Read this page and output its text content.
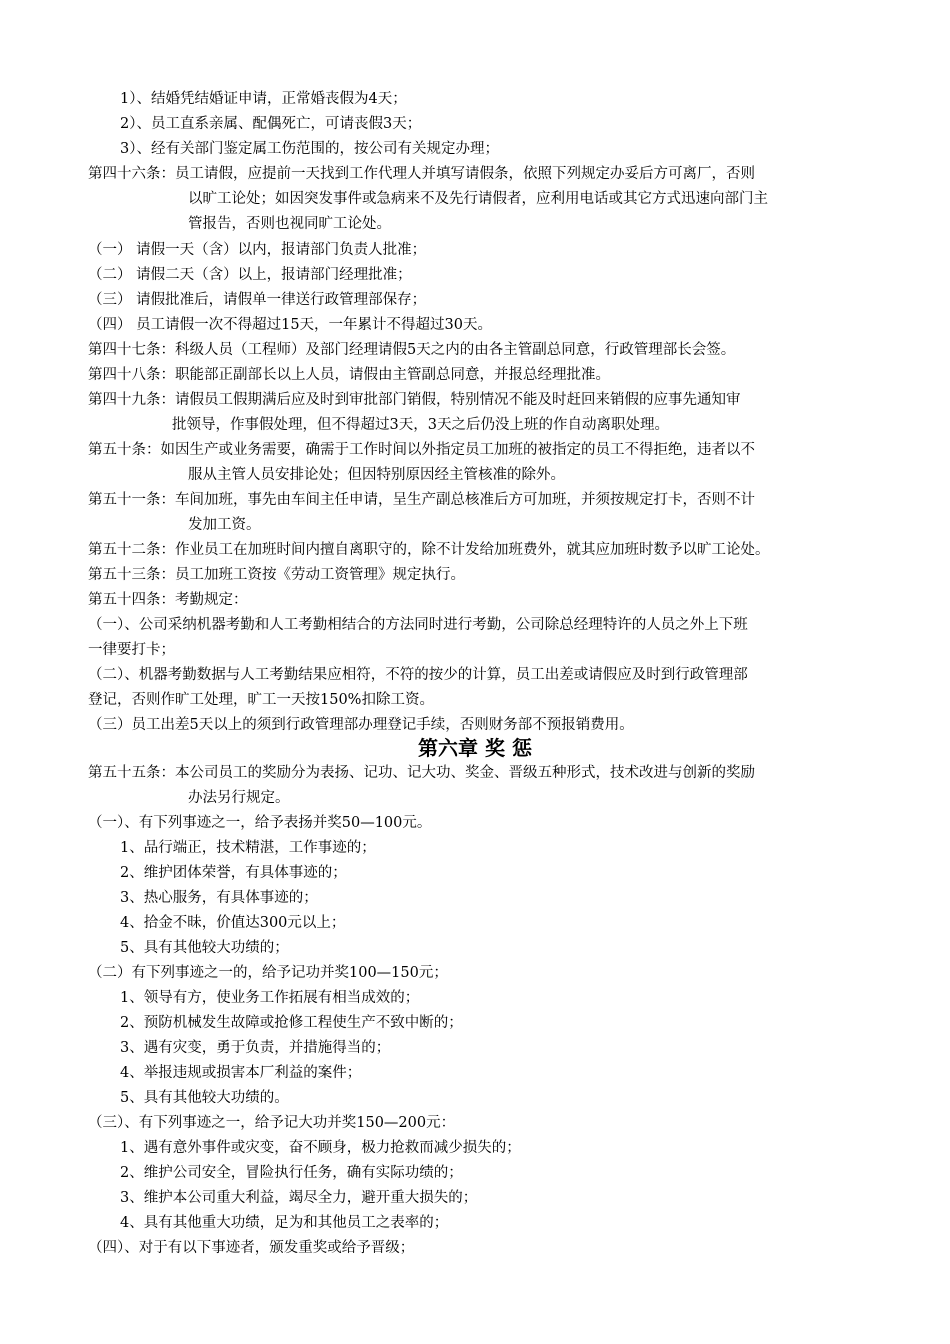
1）、结婚凭结婚证申请，正常婚丧假为4天；
2）、员工直系亲属、配偶死亡，可请丧假3天；
3）、经有关部门鉴定属工伤范围的，按公司有关规定办理；
第四十六条：员工请假，应提前一天找到工作代理人并填写请假条，依照下列规定办妥后方可离厂，否则
以旷工论处；如因突发事件或急病来不及先行请假者，应利用电话或其它方式迅速向部门主
管报告，否则也视同旷工论处。
（一） 请假一天（含）以内，报请部门负责人批准；
（二） 请假二天（含）以上，报请部门经理批准；
（三） 请假批准后，请假单一律送行政管理部保存；
（四） 员工请假一次不得超过15天，一年累计不得超过30天。
第四十七条：科级人员（工程师）及部门经理请假5天之内的由各主管副总同意，行政管理部长会签。
第四十八条：职能部正副部长以上人员，请假由主管副总同意，并报总经理批准。
第四十九条：请假员工假期满后应及时到审批部门销假，特别情况不能及时赶回来销假的应事先通知审
批领导，作事假处理，但不得超过3天，3天之后仍没上班的作自动离职处理。
第五十条：如因生产或业务需要，确需于工作时间以外指定员工加班的被指定的员工不得拒绝，违者以不
服从主管人员安排论处；但因特别原因经主管核准的除外。
第五十一条：车间加班，事先由车间主任申请，呈生产副总核准后方可加班，并须按规定打卡，否则不计
发加工资。
第五十二条：作业员工在加班时间内擅自离职守的，除不计发给加班费外，就其应加班时数予以旷工论处。
第五十三条：员工加班工资按《劳动工资管理》规定执行。
第五十四条：考勤规定：
（一）、公司采纳机器考勤和人工考勤相结合的方法同时进行考勤，公司除总经理特许的人员之外上下班
一律要打卡；
（二）、机器考勤数据与人工考勤结果应相符，不符的按少的计算，员工出差或请假应及时到行政管理部
登记，否则作旷工处理，旷工一天按150%扣除工资。
（三）员工出差5天以上的须到行政管理部办理登记手续，否则财务部不预报销费用。
第六章 奖 惩
第五十五条：本公司员工的奖励分为表扬、记功、记大功、奖金、晋级五种形式，技术改进与创新的奖励
办法另行规定。
（一）、有下列事迹之一，给予表扬并奖50—100元。
1、品行端正，技术精湛，工作事迹的；
2、维护团体荣誉，有具体事迹的；
3、热心服务，有具体事迹的；
4、拾金不昧，价值达300元以上；
5、具有其他较大功绩的；
（二）有下列事迹之一的，给予记功并奖100—150元；
1、领导有方，使业务工作拓展有相当成效的；
2、预防机械发生故障或抢修工程使生产不致中断的；
3、遇有灾变，勇于负责，并措施得当的；
4、举报违规或损害本厂利益的案件；
5、具有其他较大功绩的。
（三）、有下列事迹之一，给予记大功并奖150—200元：
1、遇有意外事件或灾变，奋不顾身，极力抢救而减少损失的；
2、维护公司安全，冒险执行任务，确有实际功绩的；
3、维护本公司重大利益，竭尽全力，避开重大损失的；
4、具有其他重大功绩，足为和其他员工之表率的；
（四）、对于有以下事迹者，颁发重奖或给予晋级；
